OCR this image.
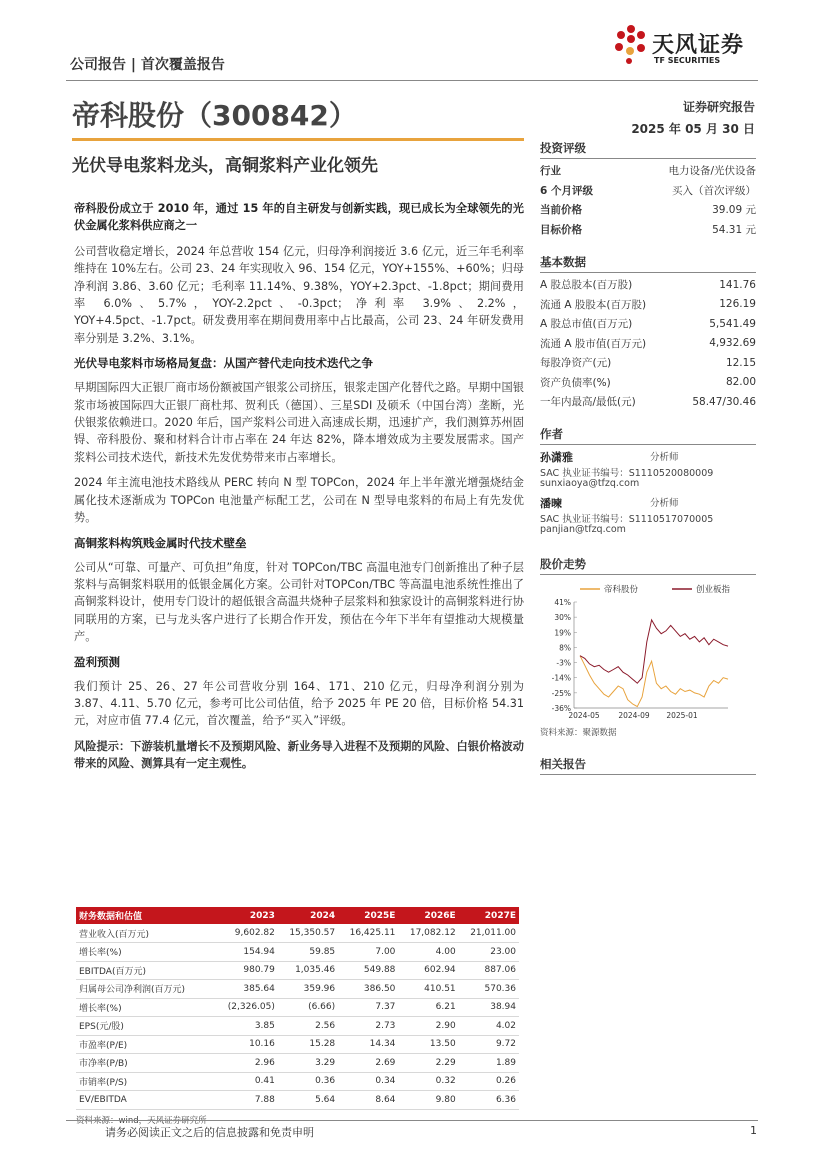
公司报告 | 首次覆盖报告
天风证券
TF SECURITIES
帝科股份（300842）	证券研究报告
2025 年 05 月 30 日
光伏导电浆料龙头，高铜浆料产业化领先

帝科股份成立于 2010 年，通过 15 年的自主研发与创新实践，现已成长为全球领先的光伏金属化浆料供应商之一

公司营收稳定增长，2024 年总营收 154 亿元，归母净利润接近 3.6 亿元，近三年毛利率维持在 10%左右。公司 23、24 年实现收入 96、154 亿元，YOY+155%、+60%；归母净利润 3.86、3.60 亿元；毛利率 11.14%、9.38%，YOY+2.3pct、-1.8pct；期间费用率 6.0%、5.7%，YOY-2.2pct、-0.3pct；净利率 3.9%、2.2%，YOY+4.5pct、-1.7pct。研发费用率在期间费用率中占比最高，公司 23、24 年研发费用率分别是 3.2%、3.1%。

光伏导电浆料市场格局复盘：从国产替代走向技术迭代之争

早期国际四大正银厂商市场份额被国产银浆公司挤压，银浆走国产化替代之路。早期中国银浆市场被国际四大正银厂商杜邦、贺利氏（德国）、三星SDI 及硕禾（中国台湾）垄断，光伏银浆依赖进口。2020 年后，国产浆料公司进入高速成长期，迅速扩产，我们测算苏州固锝、帝科股份、聚和材料合计市占率在 24 年达 82%，降本增效成为主要发展需求。国产浆料公司技术迭代，新技术先发优势带来市占率增长。

2024 年主流电池技术路线从 PERC 转向 N 型 TOPCon，2024 年上半年激光增强烧结金属化技术逐渐成为 TOPCon 电池量产标配工艺，公司在 N 型导电浆料的布局上有先发优势。

高铜浆料构筑贱金属时代技术壁垒

公司从“可靠、可量产、可负担”角度，针对 TOPCon/TBC 高温电池专门创新推出了种子层浆料与高铜浆料联用的低银金属化方案。公司针对TOPCon/TBC 等高温电池系统性推出了高铜浆料设计，使用专门设计的超低银含高温共烧种子层浆料和独家设计的高铜浆料进行协同联用的方案，已与龙头客户进行了长期合作开发，预估在今年下半年有望推动大规模量产。

盈利预测

我们预计 25、26、27 年公司营收分别 164、171、210 亿元，归母净利润分别为 3.87、4.11、5.70 亿元，参考可比公司估值，给予 2025 年 PE 20 倍，目标价格 54.31 元，对应市值 77.4 亿元，首次覆盖，给予“买入”评级。

风险提示：下游装机量增长不及预期风险、新业务导入进程不及预期的风险、白银价格波动带来的风险、测算具有一定主观性。

投资评级
行业	电力设备/光伏设备
6 个月评级	买入（首次评级）
当前价格	39.09 元
目标价格	54.31 元
基本数据
A 股总股本(百万股)	141.76
流通 A 股股本(百万股)	126.19
A 股总市值(百万元)	5,541.49
流通 A 股市值(百万元)	4,932.69
每股净资产(元)	12.15
资产负债率(%)	82.00
一年内最高/最低(元)	58.47/30.46
作者
孙潇雅	分析师
SAC 执业证书编号：S1110520080009
sunxiaoya@tfzq.com
潘暕	分析师
SAC 执业证书编号：S1110517070005
panjian@tfzq.com
股价走势
帝科股份	创业板指
41%
30%
19%
8%
-3%
-14%
-25%
-36%
2024-05 2024-09 2025-01
资料来源：聚源数据
相关报告
财务数据和估值	2023	2024	2025E	2026E	2027E
营业收入(百万元)	9,602.82	15,350.57	16,425.11	17,082.12	21,011.00
增长率(%)	154.94	59.85	7.00	4.00	23.00
EBITDA(百万元)	980.79	1,035.46	549.88	602.94	887.06
归属母公司净利润(百万元)	385.64	359.96	386.50	410.51	570.36
增长率(%)	(2,326.05)	(6.66)	7.37	6.21	38.94
EPS(元/股)	3.85	2.56	2.73	2.90	4.02
市盈率(P/E)	10.16	15.28	14.34	13.50	9.72
市净率(P/B)	2.96	3.29	2.69	2.29	1.89
市销率(P/S)	0.41	0.36	0.34	0.32	0.26
EV/EBITDA	7.88	5.64	8.64	9.80	6.36
请务必阅读正文之后的信息披露和免责申明	1
